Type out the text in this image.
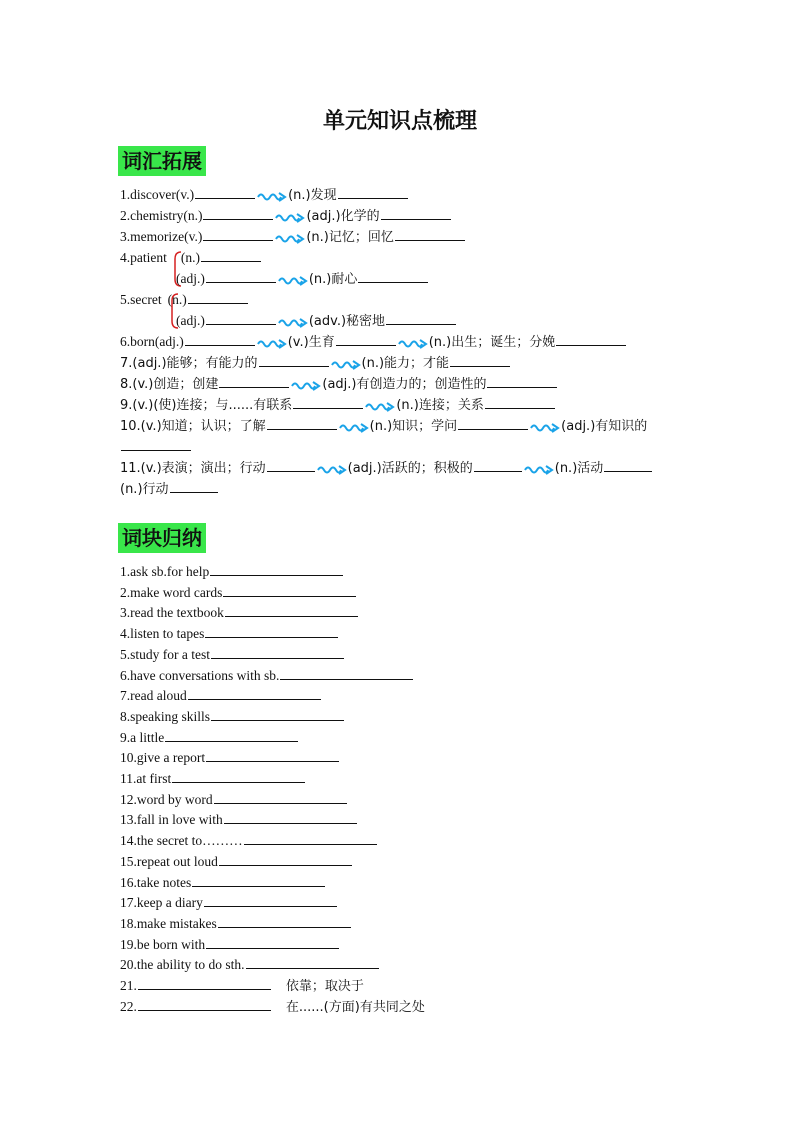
单元知识点梳理
词汇拓展
1.discover(v.)	(n.)发现
2.chemistry(n.)	(adj.)化学的
3.memorize(v.)	(n.)记忆；回忆
4.patient (n.)
(adj.)	(n.)耐心
5.secret (n.)
(adj.)	(adv.)秘密地
6.born(adj.)	(v.)生育	(n.)出生；诞生；分娩
7.(adj.)能够；有能力的	(n.)能力；才能
8.(v.)创造；创建	(adj.)有创造力的；创造性的
9.(v.)(使)连接；与......有联系	(n.)连接；关系
10.(v.)知道；认识；了解	(n.)知识；学问	(adj.)有知识的
11.(v.)表演；演出；行动	(adj.)活跃的；积极的	(n.)活动
(n.)行动
词块归纳
1.ask sb.for help
2.make word cards
3.read the textbook
4.listen to tapes
5.study for a test
6.have conversations with sb.
7.read aloud
8.speaking skills
9.a little
10.give a report
11.at first
12.word by word
13.fall in love with
14.the secret to………
15.repeat out loud
16.take notes
17.keep a diary
18.make mistakes
19.be born with
20.the ability to do sth.
21.	依靠；取决于
22.	在......(方面)有共同之处
